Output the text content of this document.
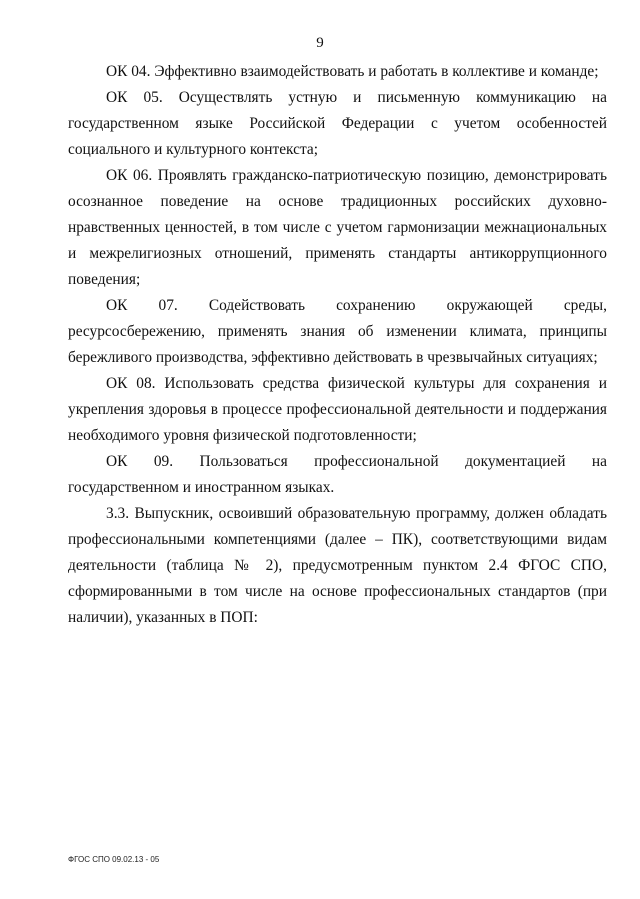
9

ОК 04. Эффективно взаимодействовать и работать в коллективе и команде;

ОК 05. Осуществлять устную и письменную коммуникацию на государственном языке Российской Федерации с учетом особенностей социального и культурного контекста;

ОК 06. Проявлять гражданско-патриотическую позицию, демонстрировать осознанное поведение на основе традиционных российских духовно-нравственных ценностей, в том числе с учетом гармонизации межнациональных и межрелигиозных отношений, применять стандарты антикоррупционного поведения;

ОК 07. Содействовать сохранению окружающей среды, ресурсосбережению, применять знания об изменении климата, принципы бережливого производства, эффективно действовать в чрезвычайных ситуациях;

ОК 08. Использовать средства физической культуры для сохранения и укрепления здоровья в процессе профессиональной деятельности и поддержания необходимого уровня физической подготовленности;

ОК 09. Пользоваться профессиональной документацией на государственном и иностранном языках.

3.3. Выпускник, освоивший образовательную программу, должен обладать профессиональными компетенциями (далее – ПК), соответствующими видам деятельности (таблица № 2), предусмотренным пунктом 2.4 ФГОС СПО, сформированными в том числе на основе профессиональных стандартов (при наличии), указанных в ПОП:

ФГОС СПО 09.02.13 - 05
